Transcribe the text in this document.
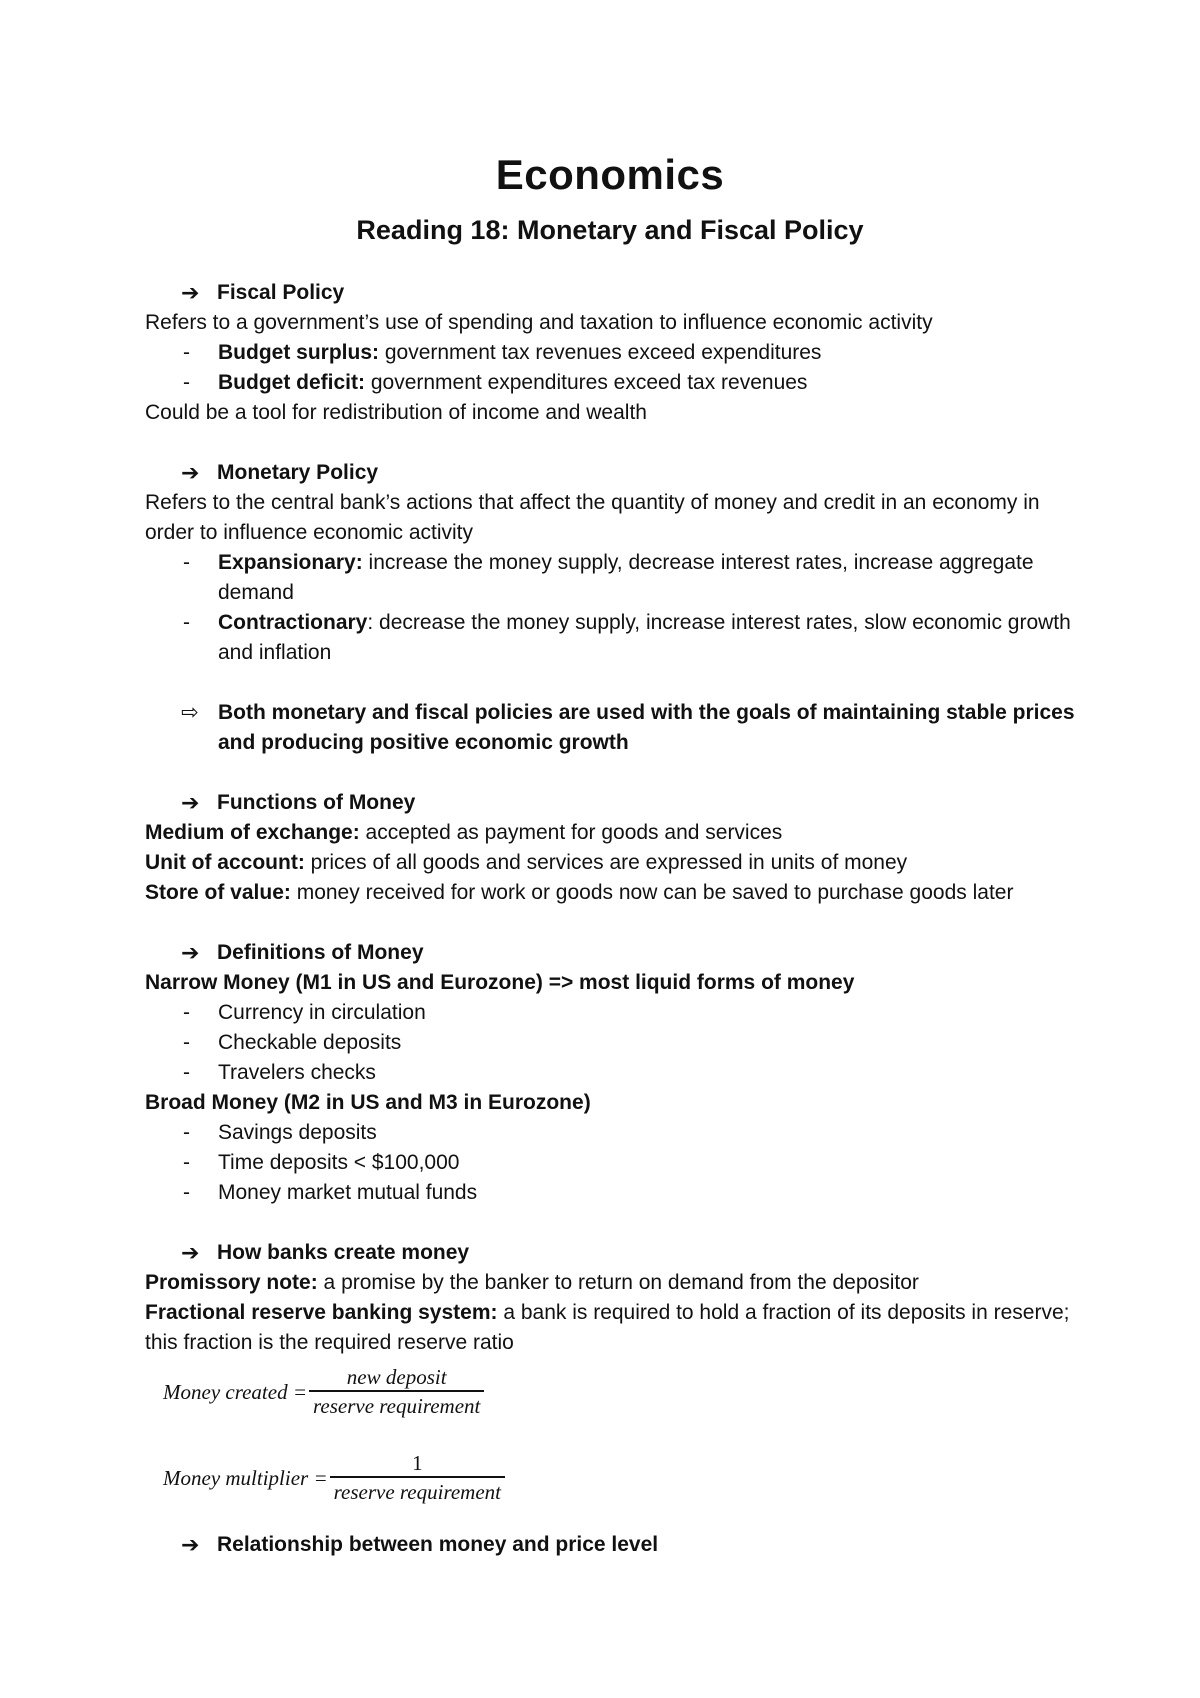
Economics
Reading 18: Monetary and Fiscal Policy

➔ Fiscal Policy

Refers to a government’s use of spending and taxation to influence economic activity

- Budget surplus: government tax revenues exceed expenditures
- Budget deficit: government expenditures exceed tax revenues

Could be a tool for redistribution of income and wealth

➔ Monetary Policy

Refers to the central bank’s actions that affect the quantity of money and credit in an economy in order to influence economic activity

- Expansionary: increase the money supply, decrease interest rates, increase aggregate demand
- Contractionary: decrease the money supply, increase interest rates, slow economic growth and inflation

⇨ Both monetary and fiscal policies are used with the goals of maintaining stable prices and producing positive economic growth

➔ Functions of Money

Medium of exchange: accepted as payment for goods and services

Unit of account: prices of all goods and services are expressed in units of money

Store of value: money received for work or goods now can be saved to purchase goods later

➔ Definitions of Money

Narrow Money (M1 in US and Eurozone) => most liquid forms of money

- Currency in circulation
- Checkable deposits
- Travelers checks

Broad Money (M2 in US and M3 in Eurozone)

- Savings deposits
- Time deposits < $100,000
- Money market mutual funds

➔ How banks create money

Promissory note: a promise by the banker to return on demand from the depositor

Fractional reserve banking system: a bank is required to hold a fraction of its deposits in reserve; this fraction is the required reserve ratio

Money created = $\frac{\text{new deposit}}{\text{reserve requirement}}$
Money multiplier = $\frac{1}{\text{reserve requirement}}$

➔ Relationship between money and price level
